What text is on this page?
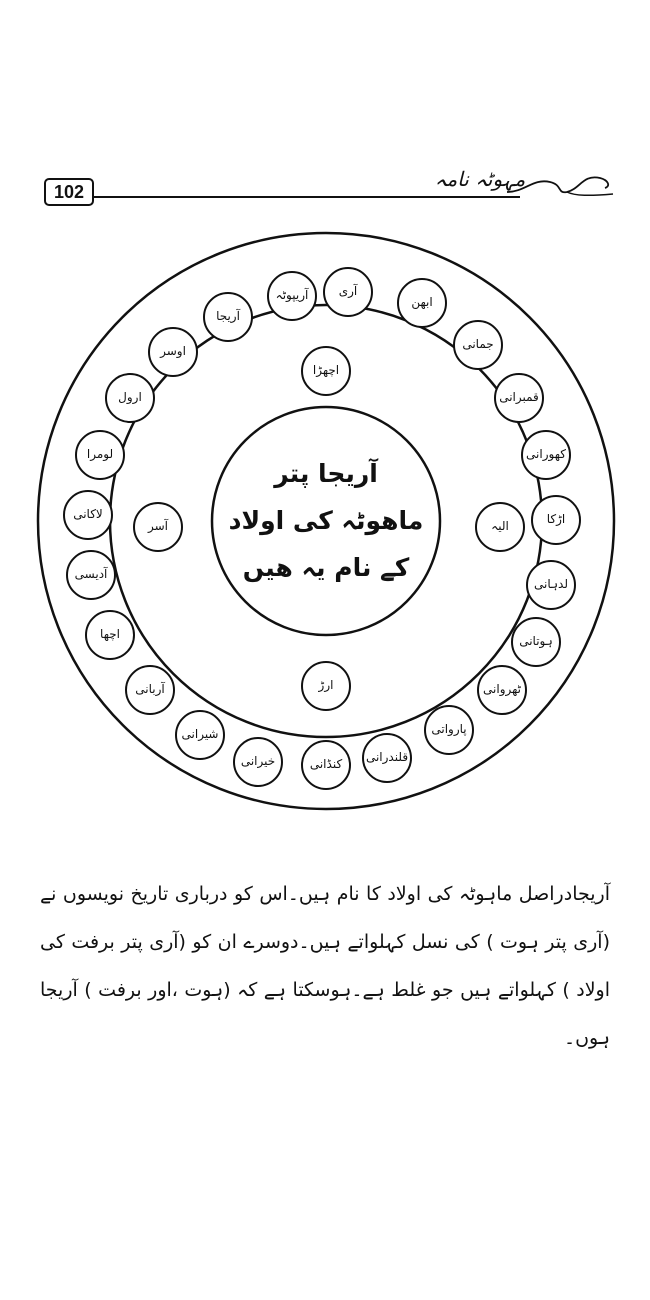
102
مہوٹہ نامہ
آریجا پتر
ماھوٹہ کی اولاد
کے نام یہ ھیں
اچھڑا
الیہ
ارڑ
آسر
آری
ابھن
جمانی
قمبرانی
کھورانی
اڑکا
لدہانی
ہوتانی
ٹھروانی
پارواتی
قلندرانی
کنڈانی
خیرانی
شیرانی
آربانی
اچھا
آدیسی
لاکانی
لومرا
ارول
اوسر
آریجا
آریپوٹہ
آریجادراصل ماہوٹہ کی اولاد کا نام ہیں۔اس کو درباری تاریخ نویسوں نے (آری پتر ہوت ) کی نسل کہلواتے ہیں۔دوسرے ان کو (آری پتر برفت کی اولاد ) کہلواتے ہیں جو غلط ہے۔ہوسکتا ہے کہ (ہوت ،اور برفت ) آریجا ہوں۔
